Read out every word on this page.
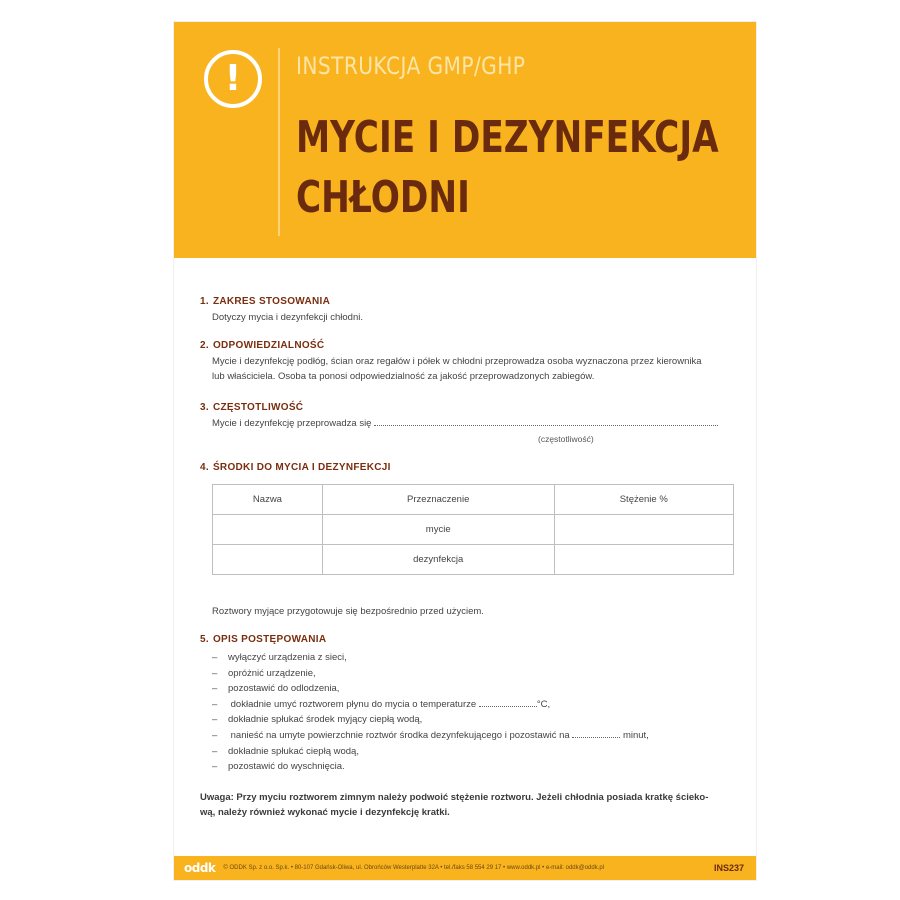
! INSTRUKCJA GMP/GHP
MYCIE I DEZYNFEKCJA
CHŁODNI
1. ZAKRES STOSOWANIA
Dotyczy mycia i dezynfekcji chłodni.
2. ODPOWIEDZIALNOŚĆ
Mycie i dezynfekcję podłóg, ścian oraz regałów i półek w chłodni przeprowadza osoba wyznaczona przez kierownika
lub właściciela. Osoba ta ponosi odpowiedzialność za jakość przeprowadzonych zabiegów.
3. CZĘSTOTLIWOŚĆ
Mycie i dezynfekcję przeprowadza się
(częstotliwość)
4. ŚRODKI DO MYCIA I DEZYNFEKCJI
Nazwa	Przeznaczenie	Stężenie %
	mycie	
	dezynfekcja	
Roztwory myjące przygotowuje się bezpośrednio przed użyciem.
5. OPIS POSTĘPOWANIA
– wyłączyć urządzenia z sieci,
– opróżnić urządzenie,
– pozostawić do odlodzenia,
– dokładnie umyć roztworem płynu do mycia o temperaturze	°C,
– dokładnie spłukać środek myjący ciepłą wodą,
– nanieść na umyte powierzchnie roztwór środka dezynfekującego i pozostawić na	minut,
– dokładnie spłukać ciepłą wodą,
– pozostawić do wyschnięcia.
Uwaga: Przy myciu roztworem zimnym należy podwoić stężenie roztworu. Jeżeli chłodnia posiada kratkę ścieko-
wą, należy również wykonać mycie i dezynfekcję kratki.
oddk © ODDK Sp. z o.o. Sp.k. • 80-107 Gdańsk-Oliwa, ul. Obrońców Westerplatte 32A • tel./faks 58 554 29 17 • www.oddk.pl • e-mail: oddk@oddk.pl	INS237
